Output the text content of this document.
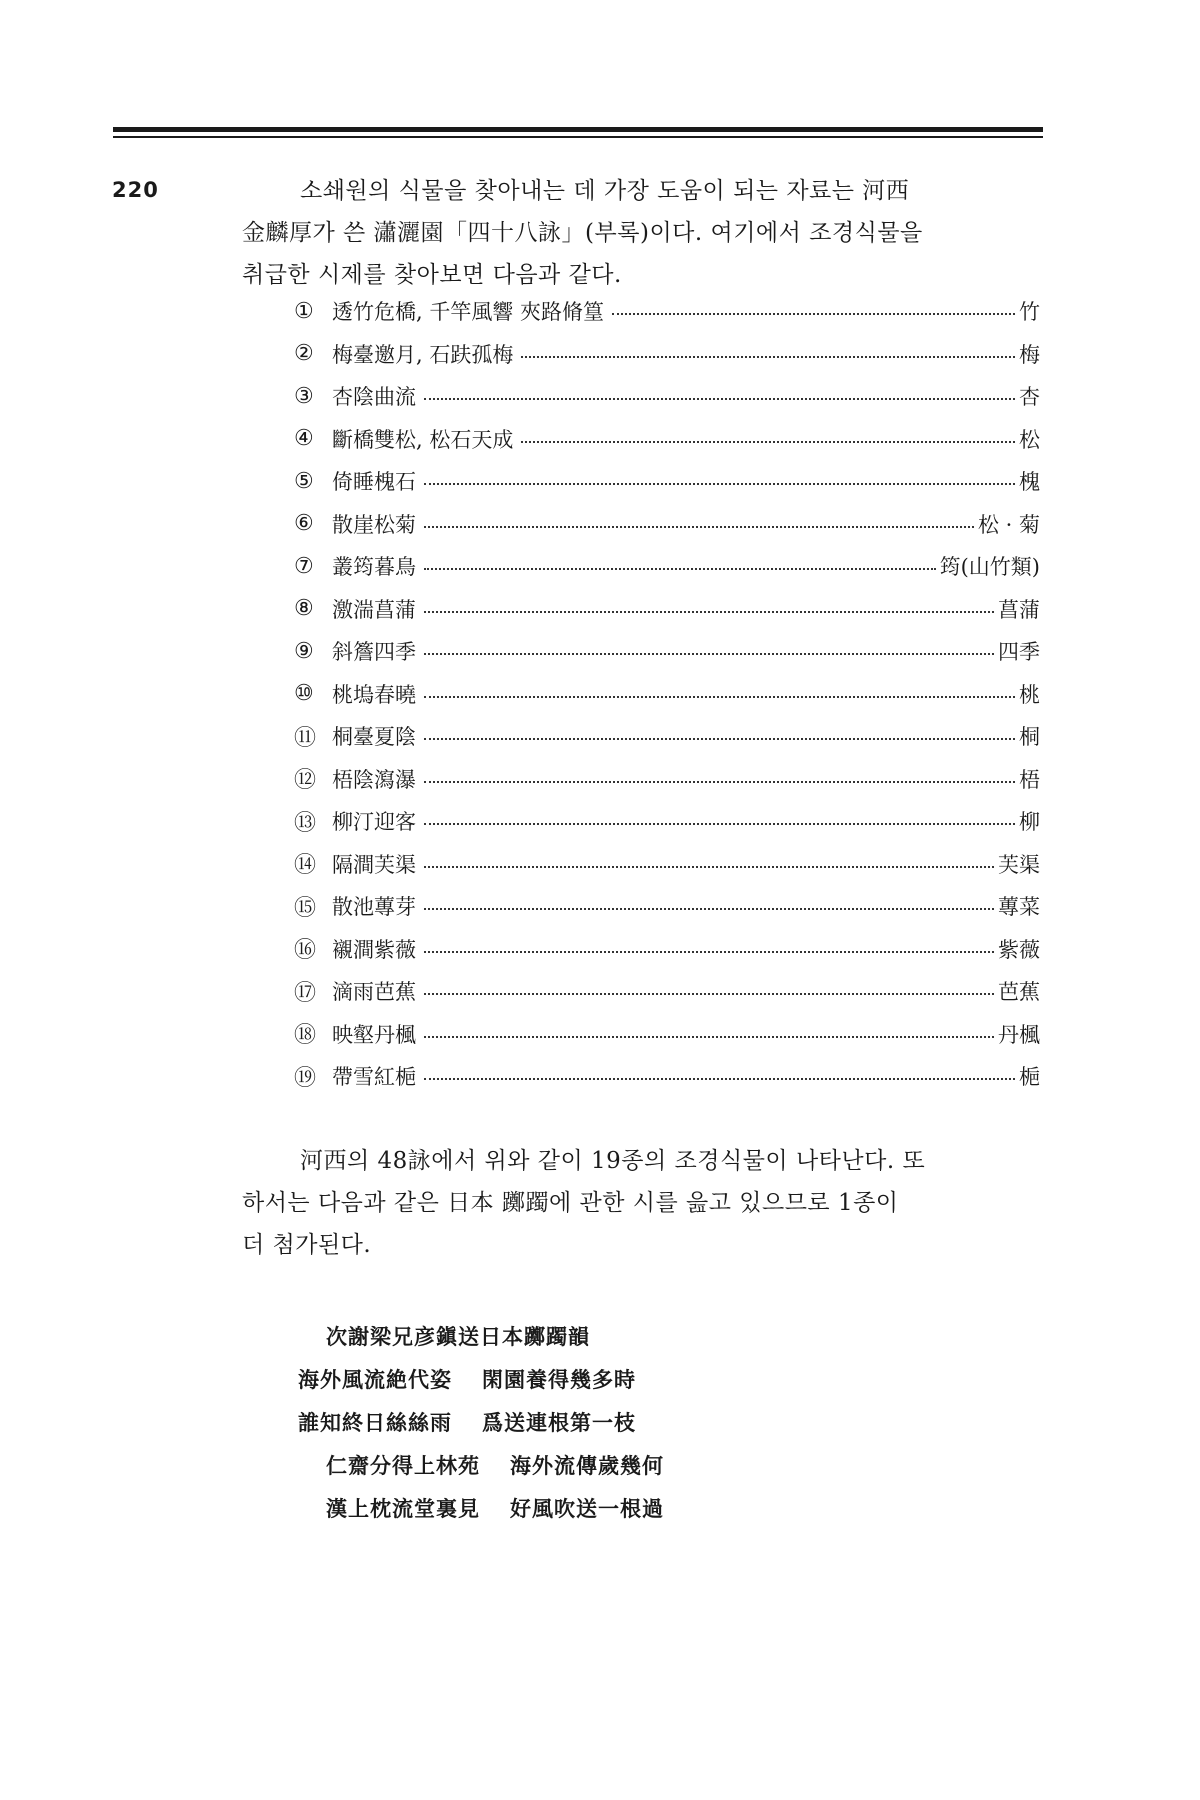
220	소쇄원의 식물을 찾아내는 데 가장 도움이 되는 자료는 河西
金麟厚가 쓴 瀟灑園「四十八詠」(부록)이다. 여기에서 조경식물을
취급한 시제를 찾아보면 다음과 같다.
① 透竹危橋, 千竿風響 夾路脩篁	竹
② 梅臺邀月, 石趺孤梅	梅
③ 杏陰曲流	杏
④ 斷橋雙松, 松石天成	松
⑤ 倚睡槐石	槐
⑥ 散崖松菊	松 · 菊
⑦ 叢筠暮鳥	筠(山竹類)
⑧ 激湍菖蒲	菖蒲
⑨ 斜簷四季	四季
⑩ 桃塢春曉	桃
⑪ 桐臺夏陰	桐
⑫ 梧陰瀉瀑	梧
⑬ 柳汀迎客	柳
⑭ 隔澗芙渠	芙渠
⑮ 散池蓴芽	蓴菜
⑯ 襯澗紫薇	紫薇
⑰ 滴雨芭蕉	芭蕉
⑱ 映壑丹楓	丹楓
⑲ 帶雪紅梔	梔
河西의 48詠에서 위와 같이 19종의 조경식물이 나타난다. 또
하서는 다음과 같은 日本 躑躅에 관한 시를 읊고 있으므로 1종이
더 첨가된다.
次謝梁兄彦鎭送日本躑躅韻
海外風流絶代姿 閑園養得幾多時
誰知終日絲絲雨 爲送連根第一枝
仁齋分得上林苑 海外流傳歲幾何
漢上枕流堂裏見 好風吹送一根過
